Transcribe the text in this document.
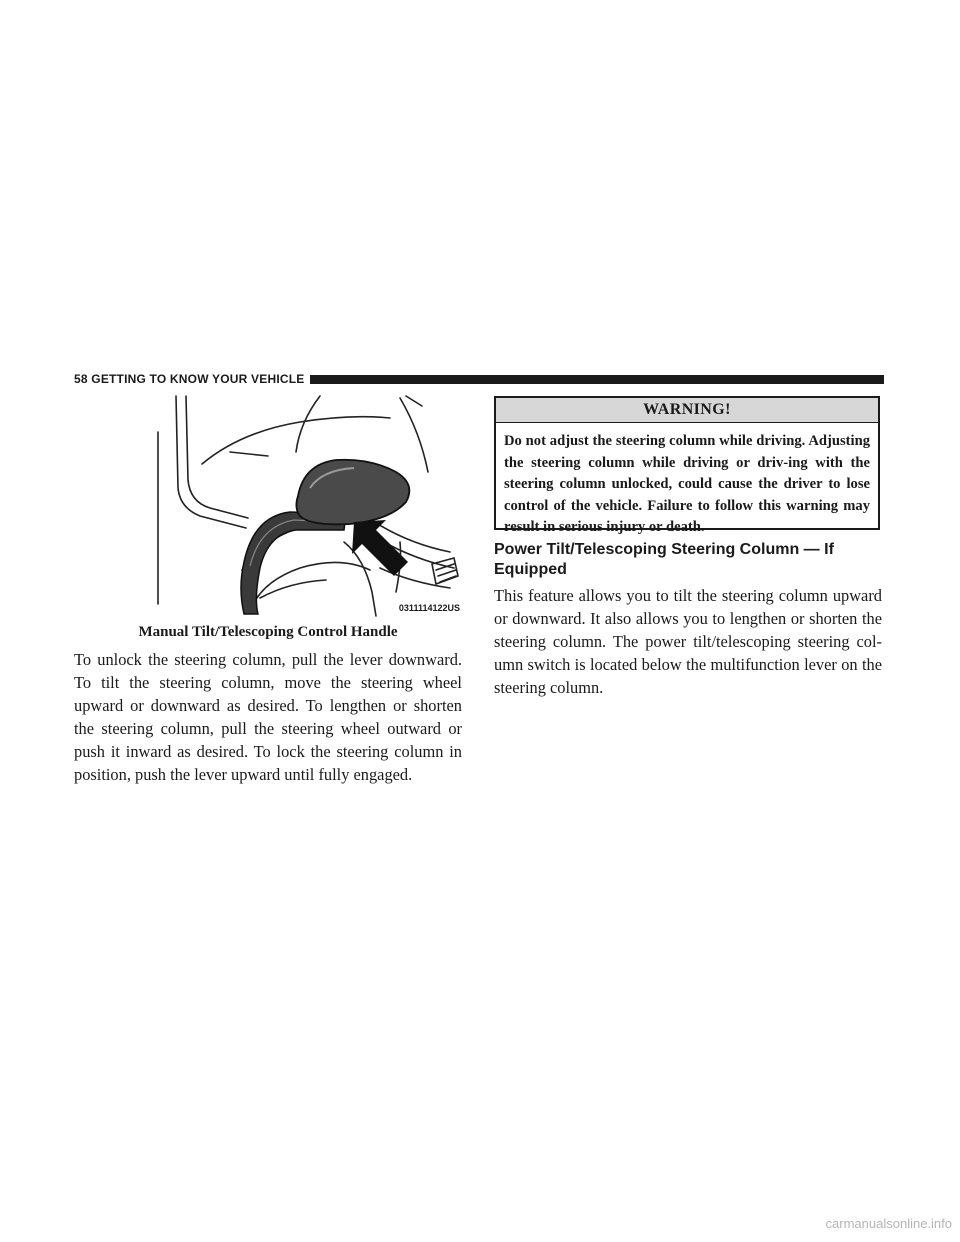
58 GETTING TO KNOW YOUR VEHICLE
0311114122US
Manual Tilt/Telescoping Control Handle

To unlock the steering column, pull the lever downward. To tilt the steering column, move the steering wheel upward or downward as desired. To lengthen or shorten the steering column, pull the steering wheel outward or push it inward as desired. To lock the steering column in position, push the lever upward until fully engaged.

WARNING!
Do not adjust the steering column while driving. Adjusting the steering column while driving or driv-ing with the steering column unlocked, could cause the driver to lose control of the vehicle. Failure to follow this warning may result in serious injury or death.
Power Tilt/Telescoping Steering Column — If Equipped

This feature allows you to tilt the steering column upward or downward. It also allows you to lengthen or shorten the steering column. The power tilt/telescoping steering col-umn switch is located below the multifunction lever on the steering column.

carmanualsonline.info
